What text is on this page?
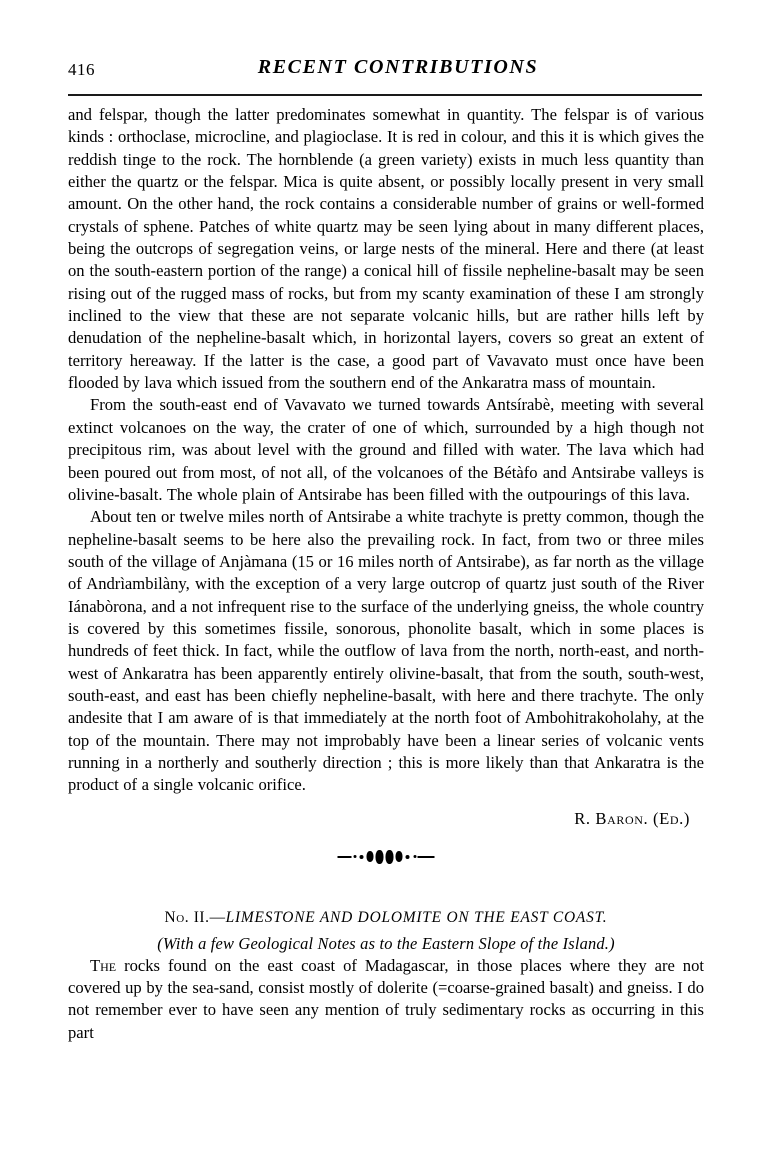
416	RECENT CONTRIBUTIONS

and felspar, though the latter predominates somewhat in quantity. The felspar is of various kinds : orthoclase, microcline, and plagioclase. It is red in colour, and this it is which gives the reddish tinge to the rock. The hornblende (a green variety) exists in much less quantity than either the quartz or the felspar. Mica is quite absent, or possibly locally present in very small amount. On the other hand, the rock contains a considerable number of grains or well-formed crystals of sphene. Patches of white quartz may be seen lying about in many different places, being the outcrops of segregation veins, or large nests of the mineral. Here and there (at least on the south-eastern portion of the range) a conical hill of fissile nepheline-basalt may be seen rising out of the rugged mass of rocks, but from my scanty examination of these I am strongly inclined to the view that these are not separate volcanic hills, but are rather hills left by denudation of the nepheline-basalt which, in horizontal layers, covers so great an extent of territory hereaway. If the latter is the case, a good part of Vavavato must once have been flooded by lava which issued from the southern end of the Ankaratra mass of mountain.

From the south-east end of Vavavato we turned towards Antsírabè, meeting with several extinct volcanoes on the way, the crater of one of which, surrounded by a high though not precipitous rim, was about level with the ground and filled with water. The lava which had been poured out from most, of not all, of the volcanoes of the Bétàfo and Antsirabe valleys is olivine-basalt. The whole plain of Antsirabe has been filled with the outpourings of this lava.

About ten or twelve miles north of Antsirabe a white trachyte is pretty common, though the nepheline-basalt seems to be here also the prevailing rock. In fact, from two or three miles south of the village of Anjàmana (15 or 16 miles north of Antsirabe), as far north as the village of Andrìambilàny, with the exception of a very large outcrop of quartz just south of the River Iánabòrona, and a not infrequent rise to the surface of the underlying gneiss, the whole country is covered by this sometimes fissile, sonorous, phonolite basalt, which in some places is hundreds of feet thick. In fact, while the outflow of lava from the north, north-east, and north-west of Ankaratra has been apparently entirely olivine-basalt, that from the south, south-west, south-east, and east has been chiefly nepheline-basalt, with here and there trachyte. The only andesite that I am aware of is that immediately at the north foot of Ambohitrakoholahy, at the top of the mountain. There may not improbably have been a linear series of volcanic vents running in a northerly and southerly direction ; this is more likely than that Ankaratra is the product of a single volcanic orifice.

R. Baron. (Ed.)
No. II.—LIMESTONE AND DOLOMITE ON THE EAST COAST.
(With a few Geological Notes as to the Eastern Slope of the Island.)

The rocks found on the east coast of Madagascar, in those places where they are not covered up by the sea-sand, consist mostly of dolerite (=coarse-grained basalt) and gneiss. I do not remember ever to have seen any mention of truly sedimentary rocks as occurring in this part
